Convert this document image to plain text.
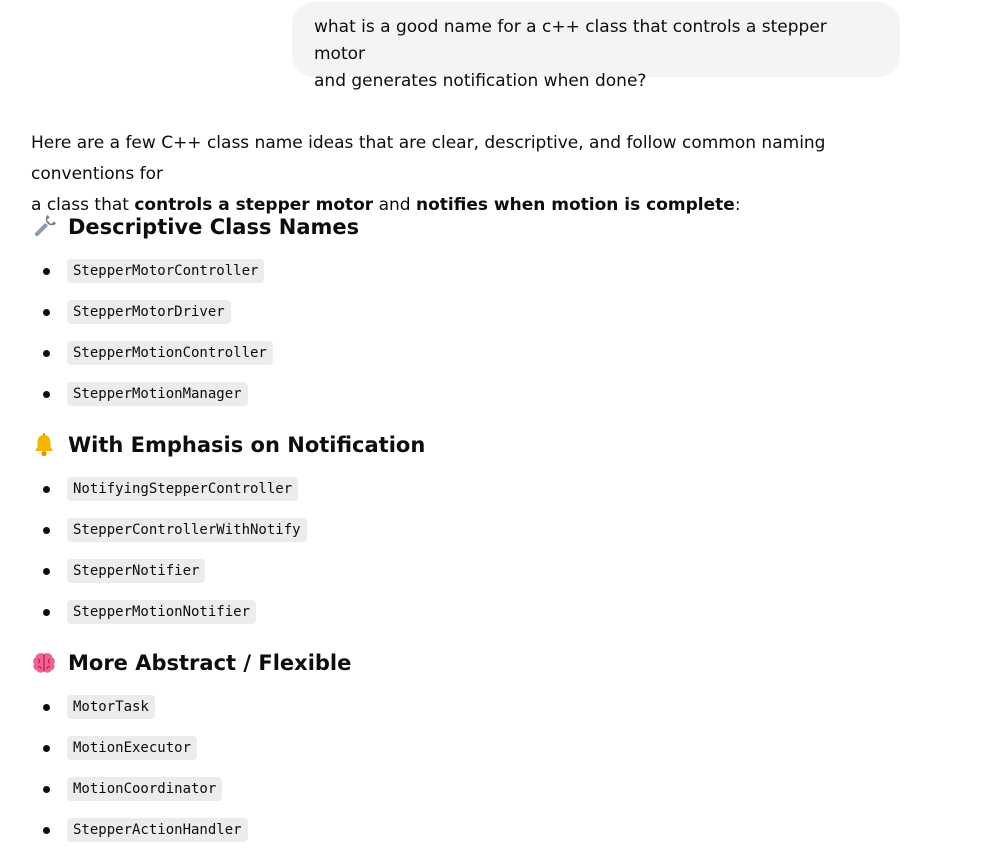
what is a good name for a c++ class that controls a stepper motor
and generates notification when done?

Here are a few C++ class name ideas that are clear, descriptive, and follow common naming conventions for
a class that controls a stepper motor and notifies when motion is complete:

Descriptive Class Names
StepperMotorController
StepperMotorDriver
StepperMotionController
StepperMotionManager
With Emphasis on Notification
NotifyingStepperController
StepperControllerWithNotify
StepperNotifier
StepperMotionNotifier
More Abstract / Flexible
MotorTask
MotionExecutor
MotionCoordinator
StepperActionHandler
